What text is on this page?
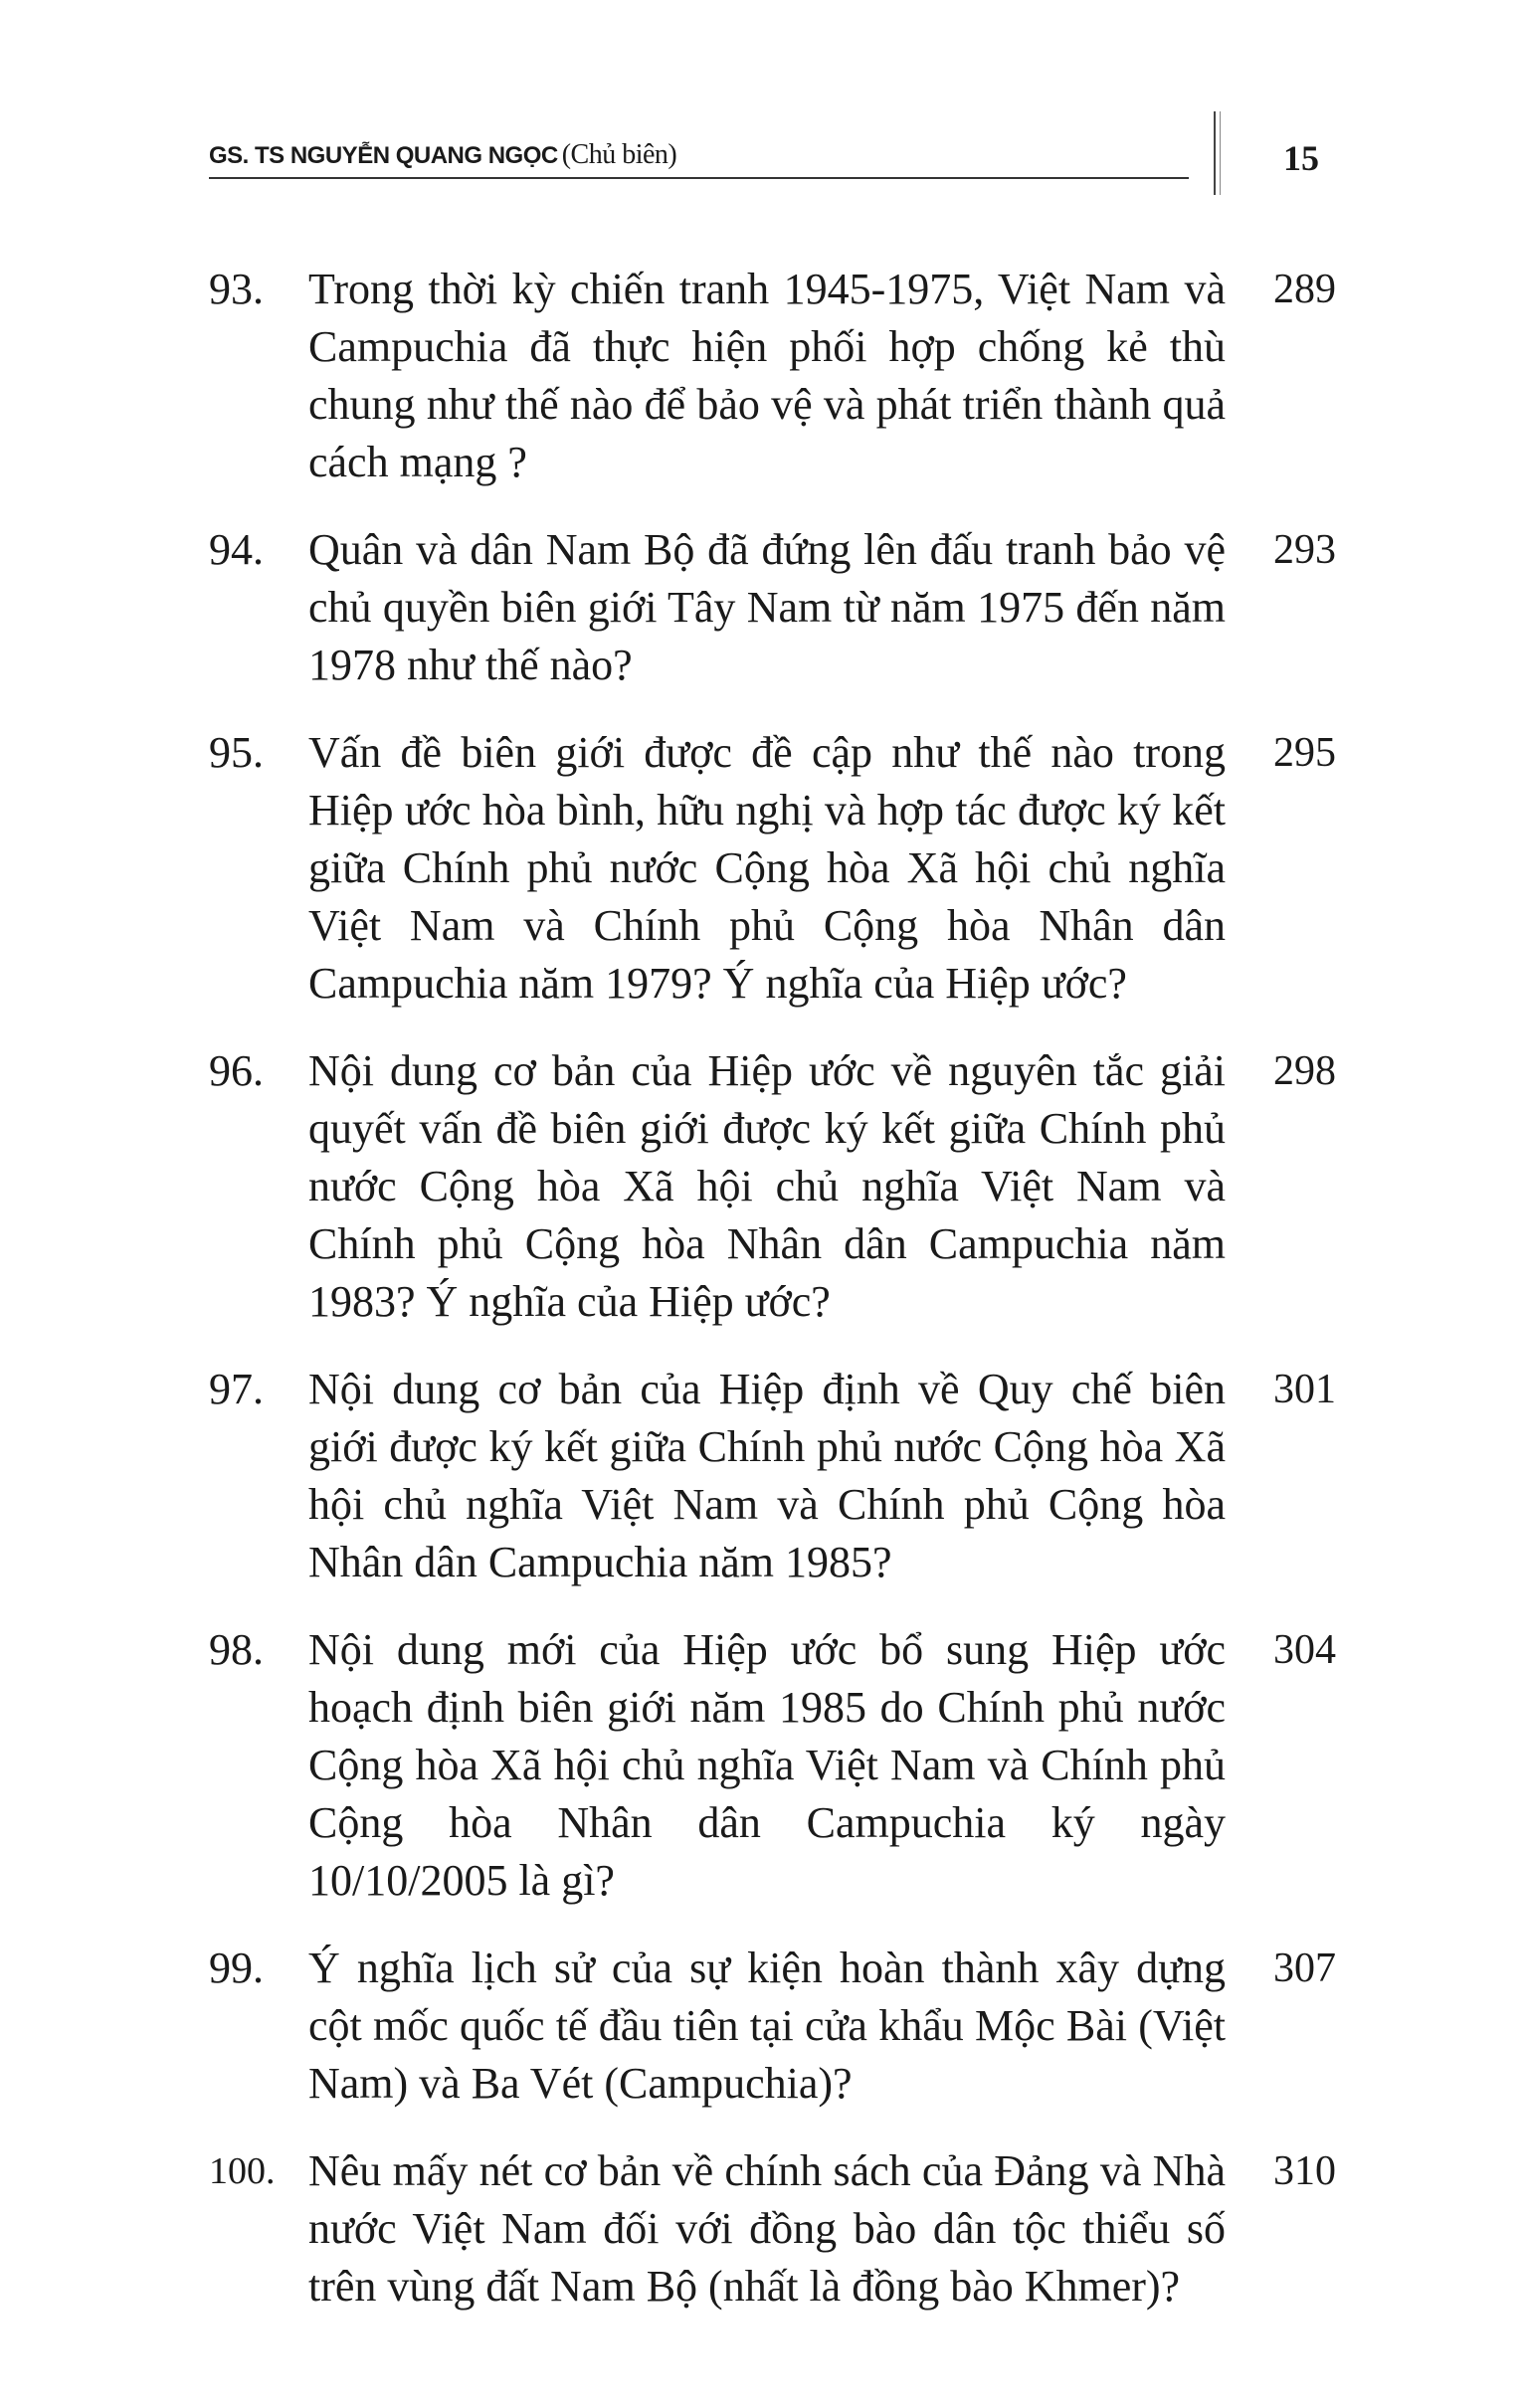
GS. TS NGUYỄN QUANG NGỌC (Chủ biên)	15
93. Trong thời kỳ chiến tranh 1945-1975, Việt Nam và Campuchia đã thực hiện phối hợp chống kẻ thù chung như thế nào để bảo vệ và phát triển thành quả cách mạng ?
289
94. Quân và dân Nam Bộ đã đứng lên đấu tranh bảo vệ chủ quyền biên giới Tây Nam từ năm 1975 đến năm 1978 như thế nào?
293
95. Vấn đề biên giới được đề cập như thế nào trong Hiệp ước hòa bình, hữu nghị và hợp tác được ký kết giữa Chính phủ nước Cộng hòa Xã hội chủ nghĩa Việt Nam và Chính phủ Cộng hòa Nhân dân Campuchia năm 1979? Ý nghĩa của Hiệp ước?
295
96. Nội dung cơ bản của Hiệp ước về nguyên tắc giải quyết vấn đề biên giới được ký kết giữa Chính phủ nước Cộng hòa Xã hội chủ nghĩa Việt Nam và Chính phủ Cộng hòa Nhân dân Campuchia năm 1983? Ý nghĩa của Hiệp ước?
298
97. Nội dung cơ bản của Hiệp định về Quy chế biên giới được ký kết giữa Chính phủ nước Cộng hòa Xã hội chủ nghĩa Việt Nam và Chính phủ Cộng hòa Nhân dân Campuchia năm 1985?
301
98. Nội dung mới của Hiệp ước bổ sung Hiệp ước hoạch định biên giới năm 1985 do Chính phủ nước Cộng hòa Xã hội chủ nghĩa Việt Nam và Chính phủ Cộng hòa Nhân dân Campuchia ký ngày 10/10/2005 là gì?
304
99. Ý nghĩa lịch sử của sự kiện hoàn thành xây dựng cột mốc quốc tế đầu tiên tại cửa khẩu Mộc Bài (Việt Nam) và Ba Vét (Campuchia)?
307
100. Nêu mấy nét cơ bản về chính sách của Đảng và Nhà nước Việt Nam đối với đồng bào dân tộc thiểu số trên vùng đất Nam Bộ (nhất là đồng bào Khmer)?
310
